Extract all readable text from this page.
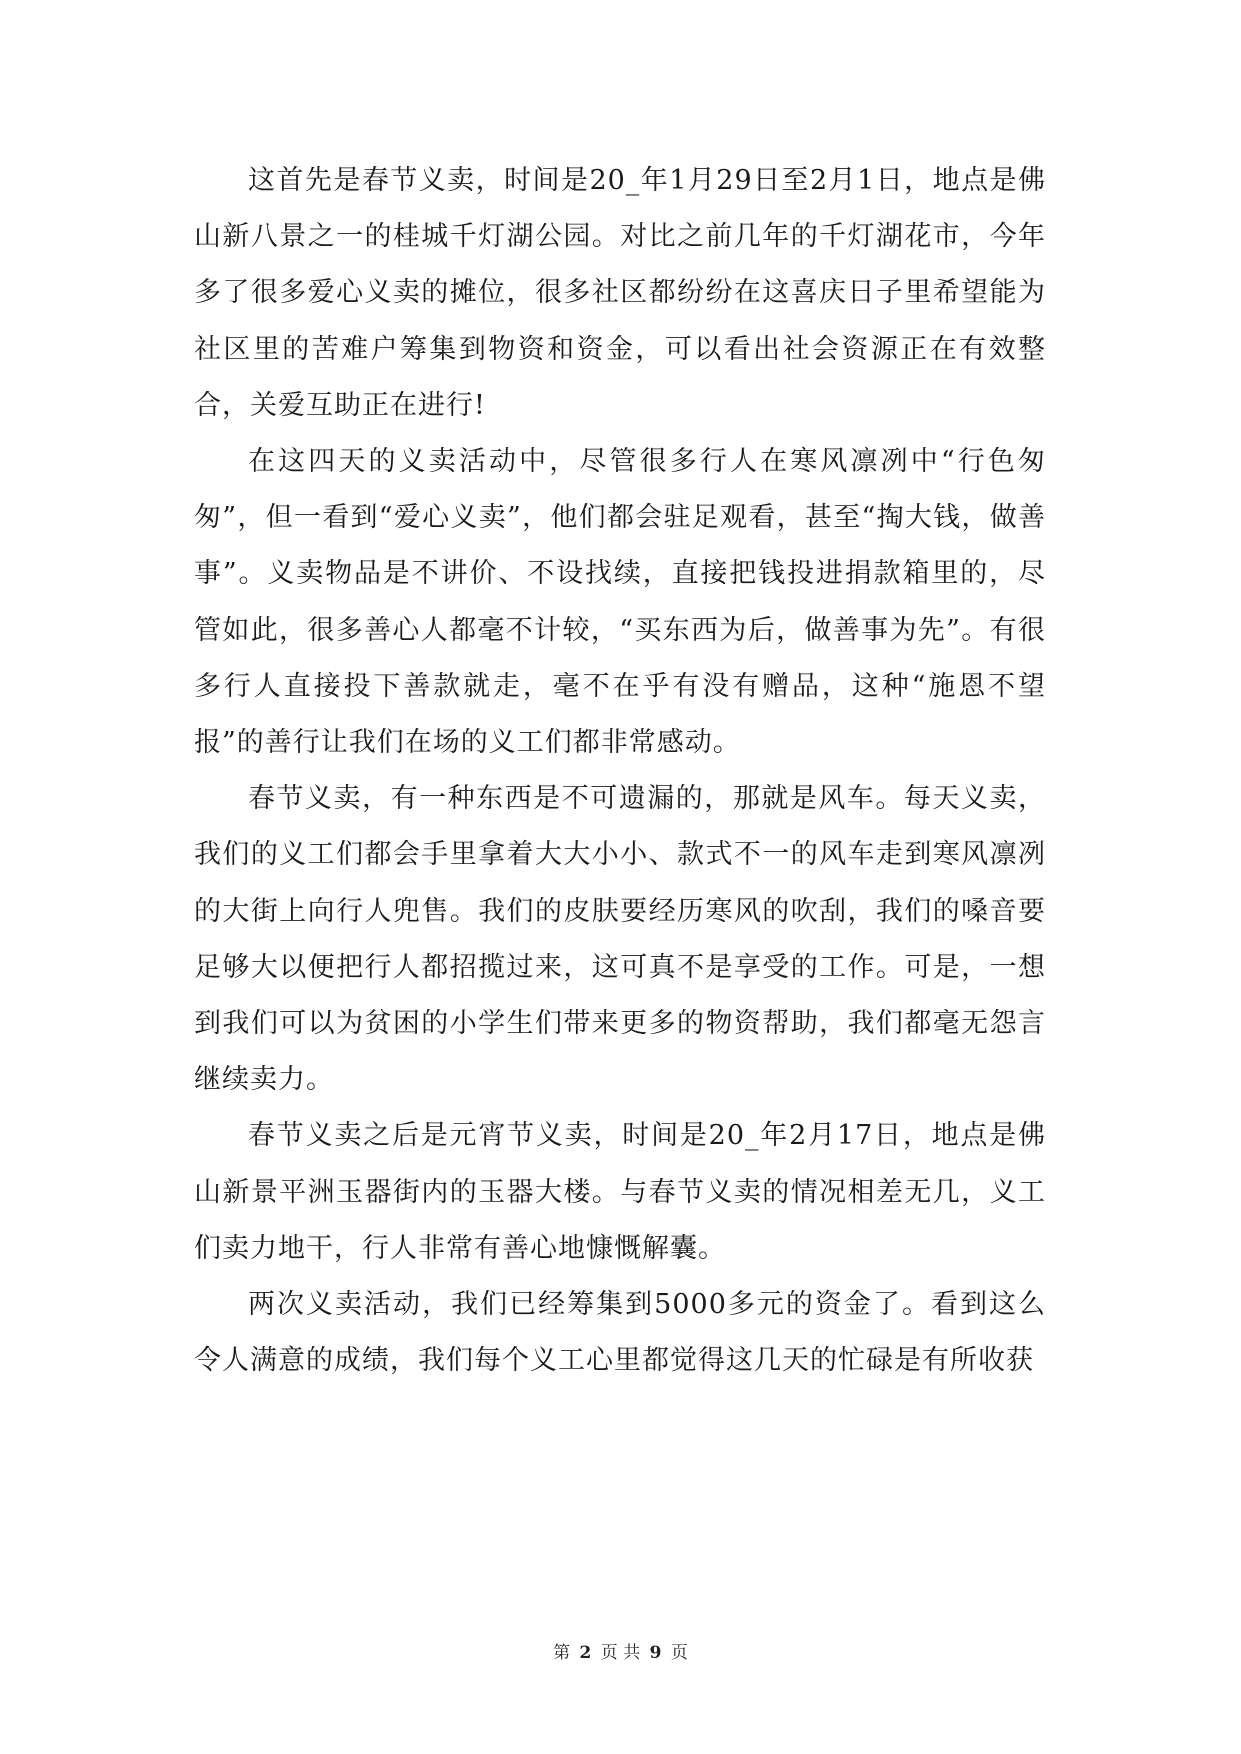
这首先是春节义卖，时间是20_年1月29日至2月1日，地点是佛山新八景之一的桂城千灯湖公园。对比之前几年的千灯湖花市，今年多了很多爱心义卖的摊位，很多社区都纷纷在这喜庆日子里希望能为社区里的苦难户筹集到物资和资金，可以看出社会资源正在有效整合，关爱互助正在进行!

在这四天的义卖活动中，尽管很多行人在寒风凛冽中“行色匆匆”，但一看到“爱心义卖”，他们都会驻足观看，甚至“掏大钱，做善事”。义卖物品是不讲价、不设找续，直接把钱投进捐款箱里的，尽管如此，很多善心人都毫不计较，“买东西为后，做善事为先”。有很多行人直接投下善款就走，毫不在乎有没有赠品，这种“施恩不望报”的善行让我们在场的义工们都非常感动。

春节义卖，有一种东西是不可遗漏的，那就是风车。每天义卖，我们的义工们都会手里拿着大大小小、款式不一的风车走到寒风凛冽的大街上向行人兜售。我们的皮肤要经历寒风的吹刮，我们的嗓音要足够大以便把行人都招揽过来，这可真不是享受的工作。可是，一想到我们可以为贫困的小学生们带来更多的物资帮助，我们都毫无怨言继续卖力。

春节义卖之后是元宵节义卖，时间是20_年2月17日，地点是佛山新景平洲玉器街内的玉器大楼。与春节义卖的情况相差无几，义工们卖力地干，行人非常有善心地慷慨解囊。

两次义卖活动，我们已经筹集到5000多元的资金了。看到这么令人满意的成绩，我们每个义工心里都觉得这几天的忙碌是有所收获

第 2 页 共 9 页
